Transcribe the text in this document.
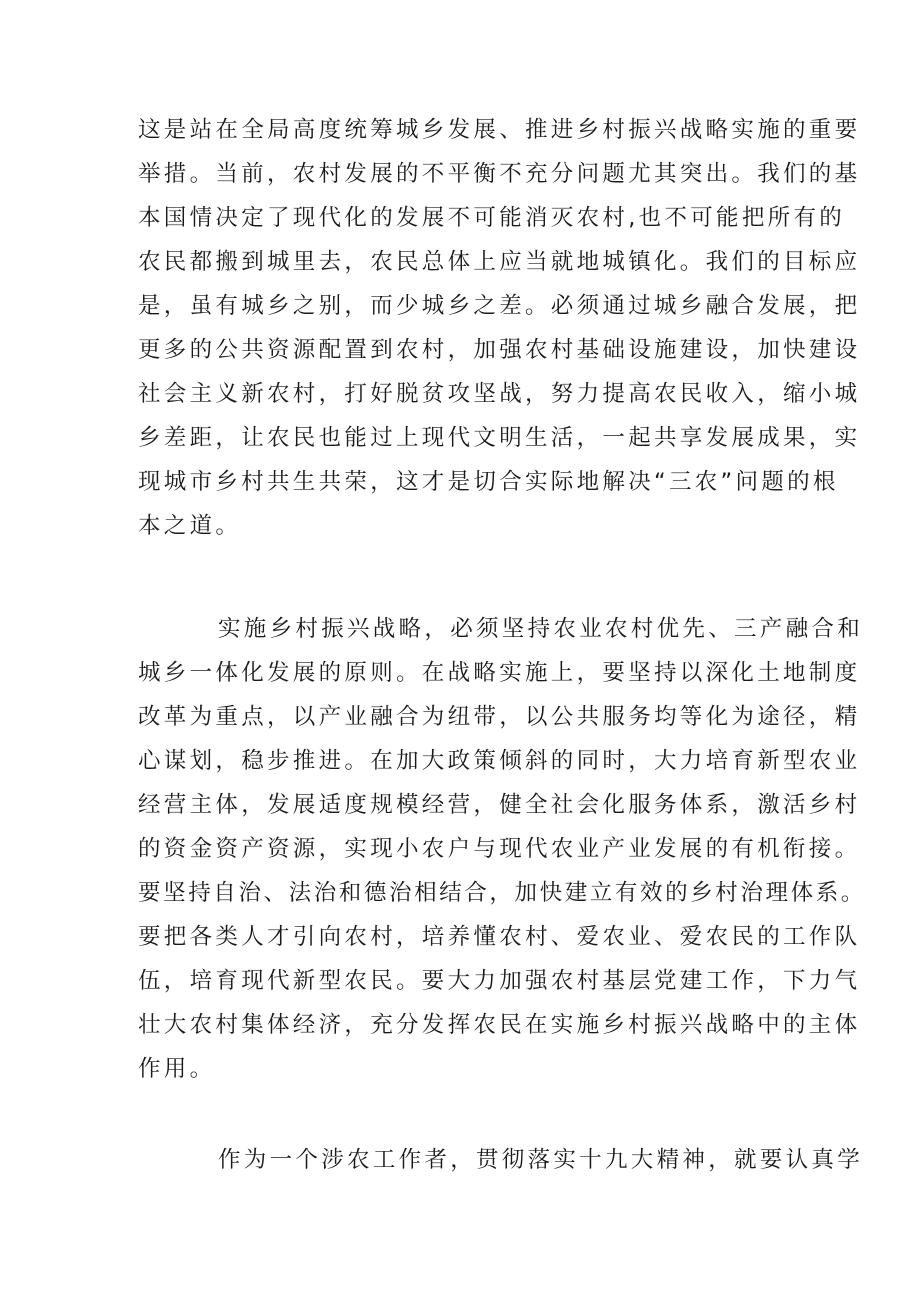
这是站在全局高度统筹城乡发展、推进乡村振兴战略实施的重要

举措。当前，农村发展的不平衡不充分问题尤其突出。我们的基

本国情决定了现代化的发展不可能消灭农村,也不可能把所有的

农民都搬到城里去，农民总体上应当就地城镇化。我们的目标应

是，虽有城乡之别，而少城乡之差。必须通过城乡融合发展，把

更多的公共资源配置到农村，加强农村基础设施建设，加快建设

社会主义新农村，打好脱贫攻坚战，努力提高农民收入，缩小城

乡差距，让农民也能过上现代文明生活，一起共享发展成果，实

现城市乡村共生共荣，这才是切合实际地解决“三农”问题的根

本之道。

实施乡村振兴战略，必须坚持农业农村优先、三产融合和

城乡一体化发展的原则。在战略实施上，要坚持以深化土地制度

改革为重点，以产业融合为纽带，以公共服务均等化为途径，精

心谋划，稳步推进。在加大政策倾斜的同时，大力培育新型农业

经营主体，发展适度规模经营，健全社会化服务体系，激活乡村

的资金资产资源，实现小农户与现代农业产业发展的有机衔接。

要坚持自治、法治和德治相结合，加快建立有效的乡村治理体系。

要把各类人才引向农村，培养懂农村、爱农业、爱农民的工作队

伍，培育现代新型农民。要大力加强农村基层党建工作，下力气

壮大农村集体经济，充分发挥农民在实施乡村振兴战略中的主体

作用。

作为一个涉农工作者，贯彻落实十九大精神，就要认真学
